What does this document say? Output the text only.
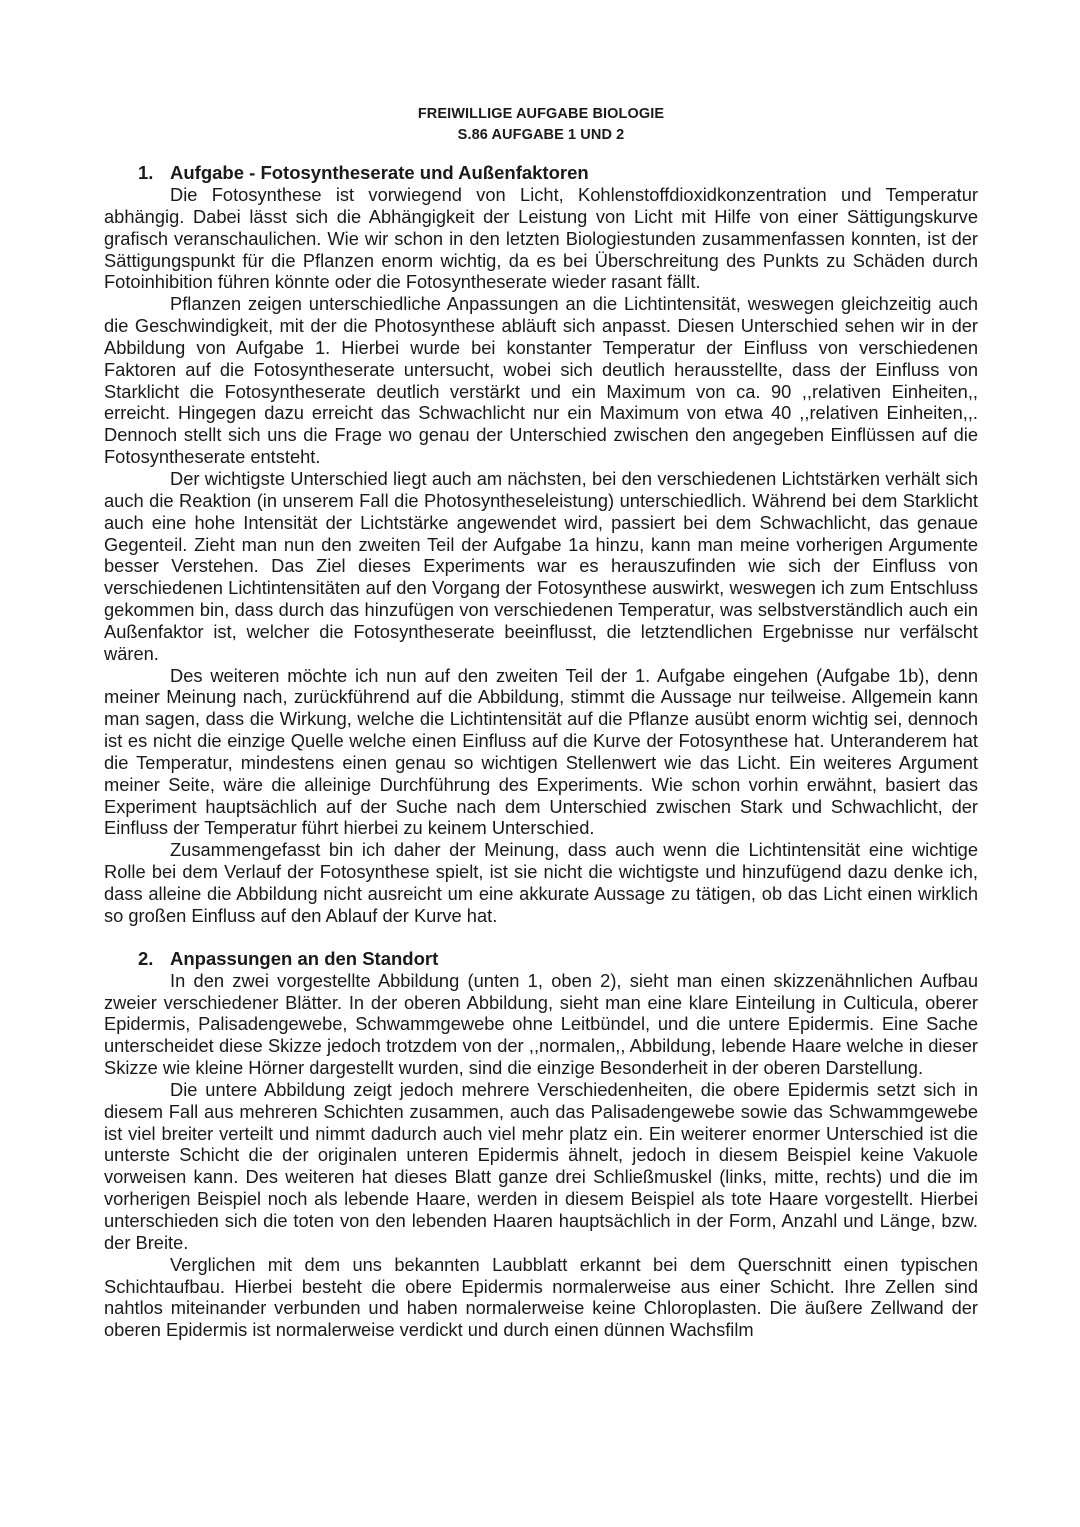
FREIWILLIGE AUFGABE BIOLOGIE
S.86 AUFGABE 1 UND 2
1. Aufgabe - Fotosyntheserate und Außenfaktoren

Die Fotosynthese ist vorwiegend von Licht, Kohlenstoffdioxidkonzentration und Temperatur abhängig. Dabei lässt sich die Abhängigkeit der Leistung von Licht mit Hilfe von einer Sättigungskurve grafisch veranschaulichen. Wie wir schon in den letzten Biologiestunden zusammenfassen konnten, ist der Sättigungspunkt für die Pflanzen enorm wichtig, da es bei Überschreitung des Punkts zu Schäden durch Fotoinhibition führen könnte oder die Fotosyntheserate wieder rasant fällt.

Pflanzen zeigen unterschiedliche Anpassungen an die Lichtintensität, weswegen gleichzeitig auch die Geschwindigkeit, mit der die Photosynthese abläuft sich anpasst. Diesen Unterschied sehen wir in der Abbildung von Aufgabe 1. Hierbei wurde bei konstanter Temperatur der Einfluss von verschiedenen Faktoren auf die Fotosyntheserate untersucht, wobei sich deutlich herausstellte, dass der Einfluss von Starklicht die Fotosyntheserate deutlich verstärkt und ein Maximum von ca. 90 ,,relativen Einheiten,, erreicht. Hingegen dazu erreicht das Schwachlicht nur ein Maximum von etwa 40 ,,relativen Einheiten,,. Dennoch stellt sich uns die Frage wo genau der Unterschied zwischen den angegeben Einflüssen auf die Fotosyntheserate entsteht.

Der wichtigste Unterschied liegt auch am nächsten, bei den verschiedenen Lichtstärken verhält sich auch die Reaktion (in unserem Fall die Photosyntheseleistung) unterschiedlich. Während bei dem Starklicht auch eine hohe Intensität der Lichtstärke angewendet wird, passiert bei dem Schwachlicht, das genaue Gegenteil. Zieht man nun den zweiten Teil der Aufgabe 1a hinzu, kann man meine vorherigen Argumente besser Verstehen. Das Ziel dieses Experiments war es herauszufinden wie sich der Einfluss von verschiedenen Lichtintensitäten auf den Vorgang der Fotosynthese auswirkt, weswegen ich zum Entschluss gekommen bin, dass durch das hinzufügen von verschiedenen Temperatur, was selbstverständlich auch ein Außenfaktor ist, welcher die Fotosyntheserate beeinflusst, die letztendlichen Ergebnisse nur verfälscht wären.

Des weiteren möchte ich nun auf den zweiten Teil der 1. Aufgabe eingehen (Aufgabe 1b), denn meiner Meinung nach, zurückführend auf die Abbildung, stimmt die Aussage nur teilweise. Allgemein kann man sagen, dass die Wirkung, welche die Lichtintensität auf die Pflanze ausübt enorm wichtig sei, dennoch ist es nicht die einzige Quelle welche einen Einfluss auf die Kurve der Fotosynthese hat. Unteranderem hat die Temperatur, mindestens einen genau so wichtigen Stellenwert wie das Licht. Ein weiteres Argument meiner Seite, wäre die alleinige Durchführung des Experiments. Wie schon vorhin erwähnt, basiert das Experiment hauptsächlich auf der Suche nach dem Unterschied zwischen Stark und Schwachlicht, der Einfluss der Temperatur führt hierbei zu keinem Unterschied.

Zusammengefasst bin ich daher der Meinung, dass auch wenn die Lichtintensität eine wichtige Rolle bei dem Verlauf der Fotosynthese spielt, ist sie nicht die wichtigste und hinzufügend dazu denke ich, dass alleine die Abbildung nicht ausreicht um eine akkurate Aussage zu tätigen, ob das Licht einen wirklich so großen Einfluss auf den Ablauf der Kurve hat.

2. Anpassungen an den Standort

In den zwei vorgestellte Abbildung (unten 1, oben 2), sieht man einen skizzenähnlichen Aufbau zweier verschiedener Blätter. In der oberen Abbildung, sieht man eine klare Einteilung in Culticula, oberer Epidermis, Palisadengewebe, Schwammgewebe ohne Leitbündel, und die untere Epidermis. Eine Sache unterscheidet diese Skizze jedoch trotzdem von der ,,normalen,, Abbildung, lebende Haare welche in dieser Skizze wie kleine Hörner dargestellt wurden, sind die einzige Besonderheit in der oberen Darstellung.

Die untere Abbildung zeigt jedoch mehrere Verschiedenheiten, die obere Epidermis setzt sich in diesem Fall aus mehreren Schichten zusammen, auch das Palisadengewebe sowie das Schwammgewebe ist viel breiter verteilt und nimmt dadurch auch viel mehr platz ein. Ein weiterer enormer Unterschied ist die unterste Schicht die der originalen unteren Epidermis ähnelt, jedoch in diesem Beispiel keine Vakuole vorweisen kann. Des weiteren hat dieses Blatt ganze drei Schließmuskel (links, mitte, rechts) und die im vorherigen Beispiel noch als lebende Haare, werden in diesem Beispiel als tote Haare vorgestellt. Hierbei unterschieden sich die toten von den lebenden Haaren hauptsächlich in der Form, Anzahl und Länge, bzw. der Breite.

Verglichen mit dem uns bekannten Laubblatt erkannt bei dem Querschnitt einen typischen Schichtaufbau. Hierbei besteht die obere Epidermis normalerweise aus einer Schicht. Ihre Zellen sind nahtlos miteinander verbunden und haben normalerweise keine Chloroplasten. Die äußere Zellwand der oberen Epidermis ist normalerweise verdickt und durch einen dünnen Wachsfilm
